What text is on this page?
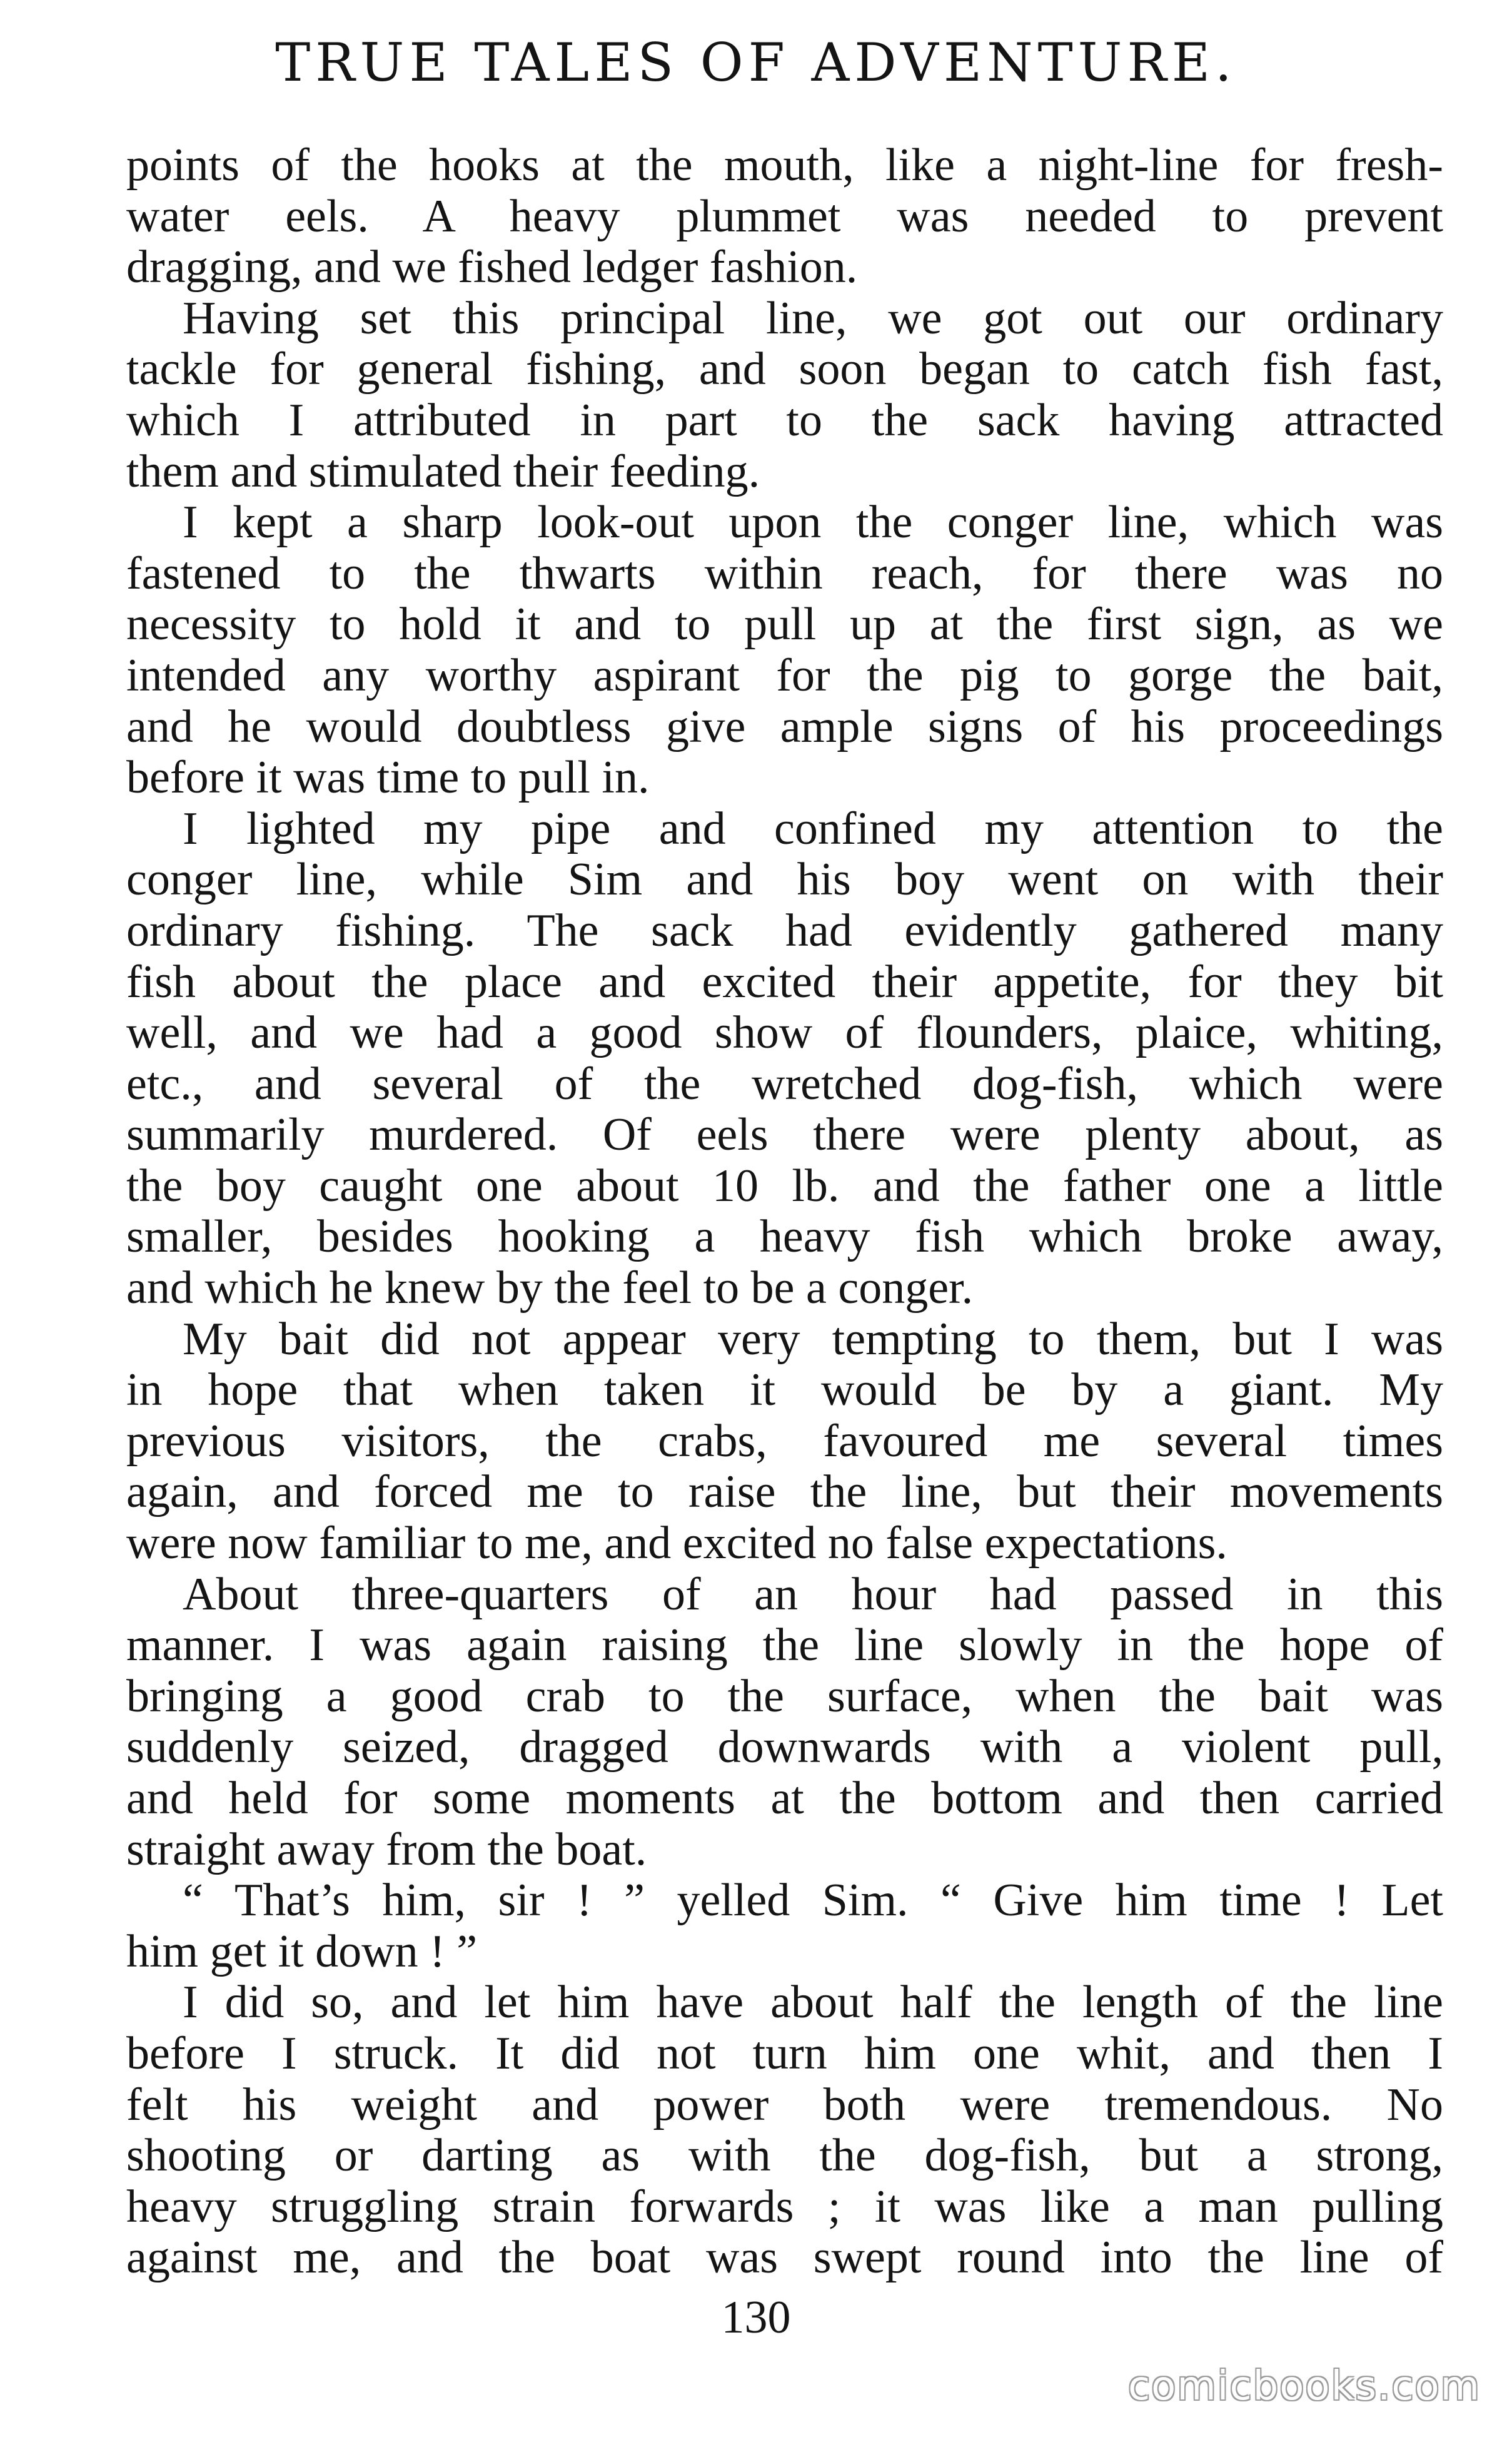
TRUE TALES OF ADVENTURE.
points of the hooks at the mouth, like a night-line for fresh-
water eels. A heavy plummet was needed to prevent
dragging, and we fished ledger fashion.
Having set this principal line, we got out our ordinary
tackle for general fishing, and soon began to catch fish fast,
which I attributed in part to the sack having attracted
them and stimulated their feeding.
I kept a sharp look-out upon the conger line, which was
fastened to the thwarts within reach, for there was no
necessity to hold it and to pull up at the first sign, as we
intended any worthy aspirant for the pig to gorge the bait,
and he would doubtless give ample signs of his proceedings
before it was time to pull in.
I lighted my pipe and confined my attention to the
conger line, while Sim and his boy went on with their
ordinary fishing. The sack had evidently gathered many
fish about the place and excited their appetite, for they bit
well, and we had a good show of flounders, plaice, whiting,
etc., and several of the wretched dog-fish, which were
summarily murdered. Of eels there were plenty about, as
the boy caught one about 10 lb. and the father one a little
smaller, besides hooking a heavy fish which broke away,
and which he knew by the feel to be a conger.
My bait did not appear very tempting to them, but I was
in hope that when taken it would be by a giant. My
previous visitors, the crabs, favoured me several times
again, and forced me to raise the line, but their movements
were now familiar to me, and excited no false expectations.
About three-quarters of an hour had passed in this
manner. I was again raising the line slowly in the hope of
bringing a good crab to the surface, when the bait was
suddenly seized, dragged downwards with a violent pull,
and held for some moments at the bottom and then carried
straight away from the boat.
“ That’s him, sir ! ” yelled Sim. “ Give him time ! Let
him get it down ! ”
I did so, and let him have about half the length of the line
before I struck. It did not turn him one whit, and then I
felt his weight and power both were tremendous. No
shooting or darting as with the dog-fish, but a strong,
heavy struggling strain forwards ; it was like a man pulling
against me, and the boat was swept round into the line of
130
comicbooks.com
